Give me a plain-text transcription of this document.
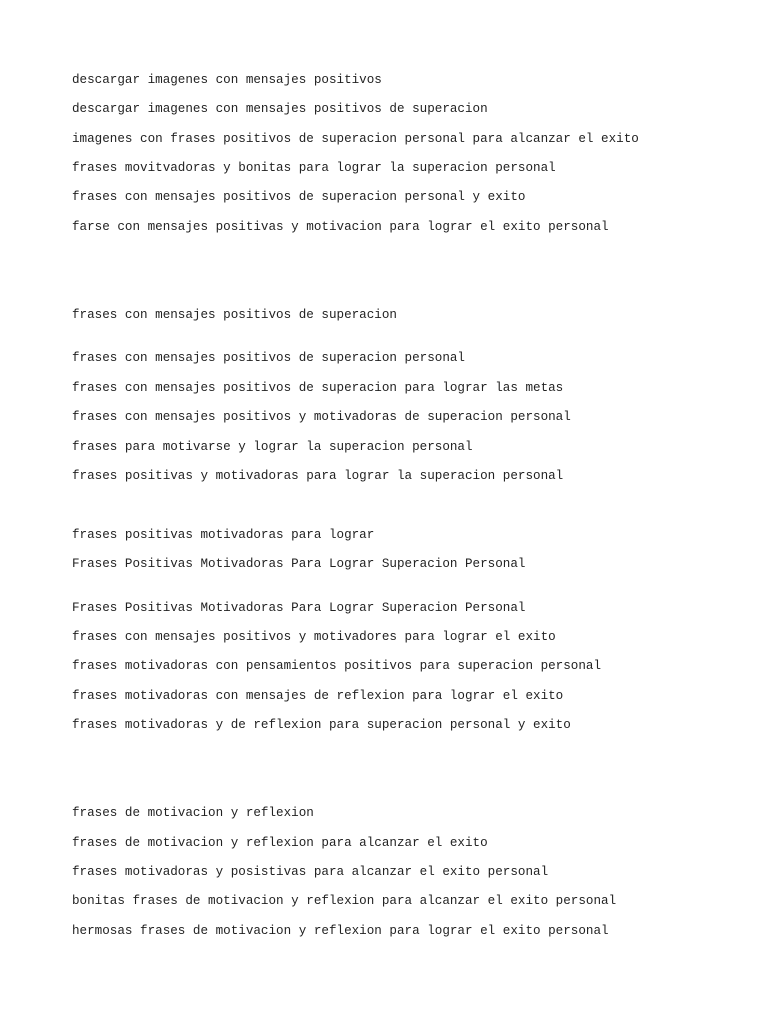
descargar imagenes con mensajes positivos

descargar imagenes con mensajes positivos de superacion

imagenes con frases positivos de superacion personal para alcanzar el exito

frases movitvadoras y bonitas para lograr la superacion personal

frases con mensajes positivos de superacion personal y exito

farse con mensajes positivas y motivacion para lograr el exito personal

frases con mensajes positivos de superacion

frases con mensajes positivos de superacion personal

frases con mensajes positivos de superacion para lograr las metas

frases con mensajes positivos y motivadoras de superacion personal

frases para motivarse y lograr la superacion personal

frases positivas y motivadoras para lograr la superacion personal

frases positivas motivadoras para lograr

Frases Positivas Motivadoras Para Lograr Superacion Personal

Frases Positivas Motivadoras Para Lograr Superacion Personal

frases con mensajes positivos y motivadores para lograr el exito

frases motivadoras con pensamientos positivos para superacion personal

frases motivadoras con mensajes de reflexion para lograr el exito

frases motivadoras y de reflexion para superacion personal y exito

frases de motivacion y reflexion

frases de motivacion y reflexion para alcanzar el exito

frases motivadoras y posistivas para alcanzar el exito personal

bonitas frases de motivacion y reflexion para alcanzar el exito personal

hermosas frases de motivacion y reflexion para lograr el exito personal
